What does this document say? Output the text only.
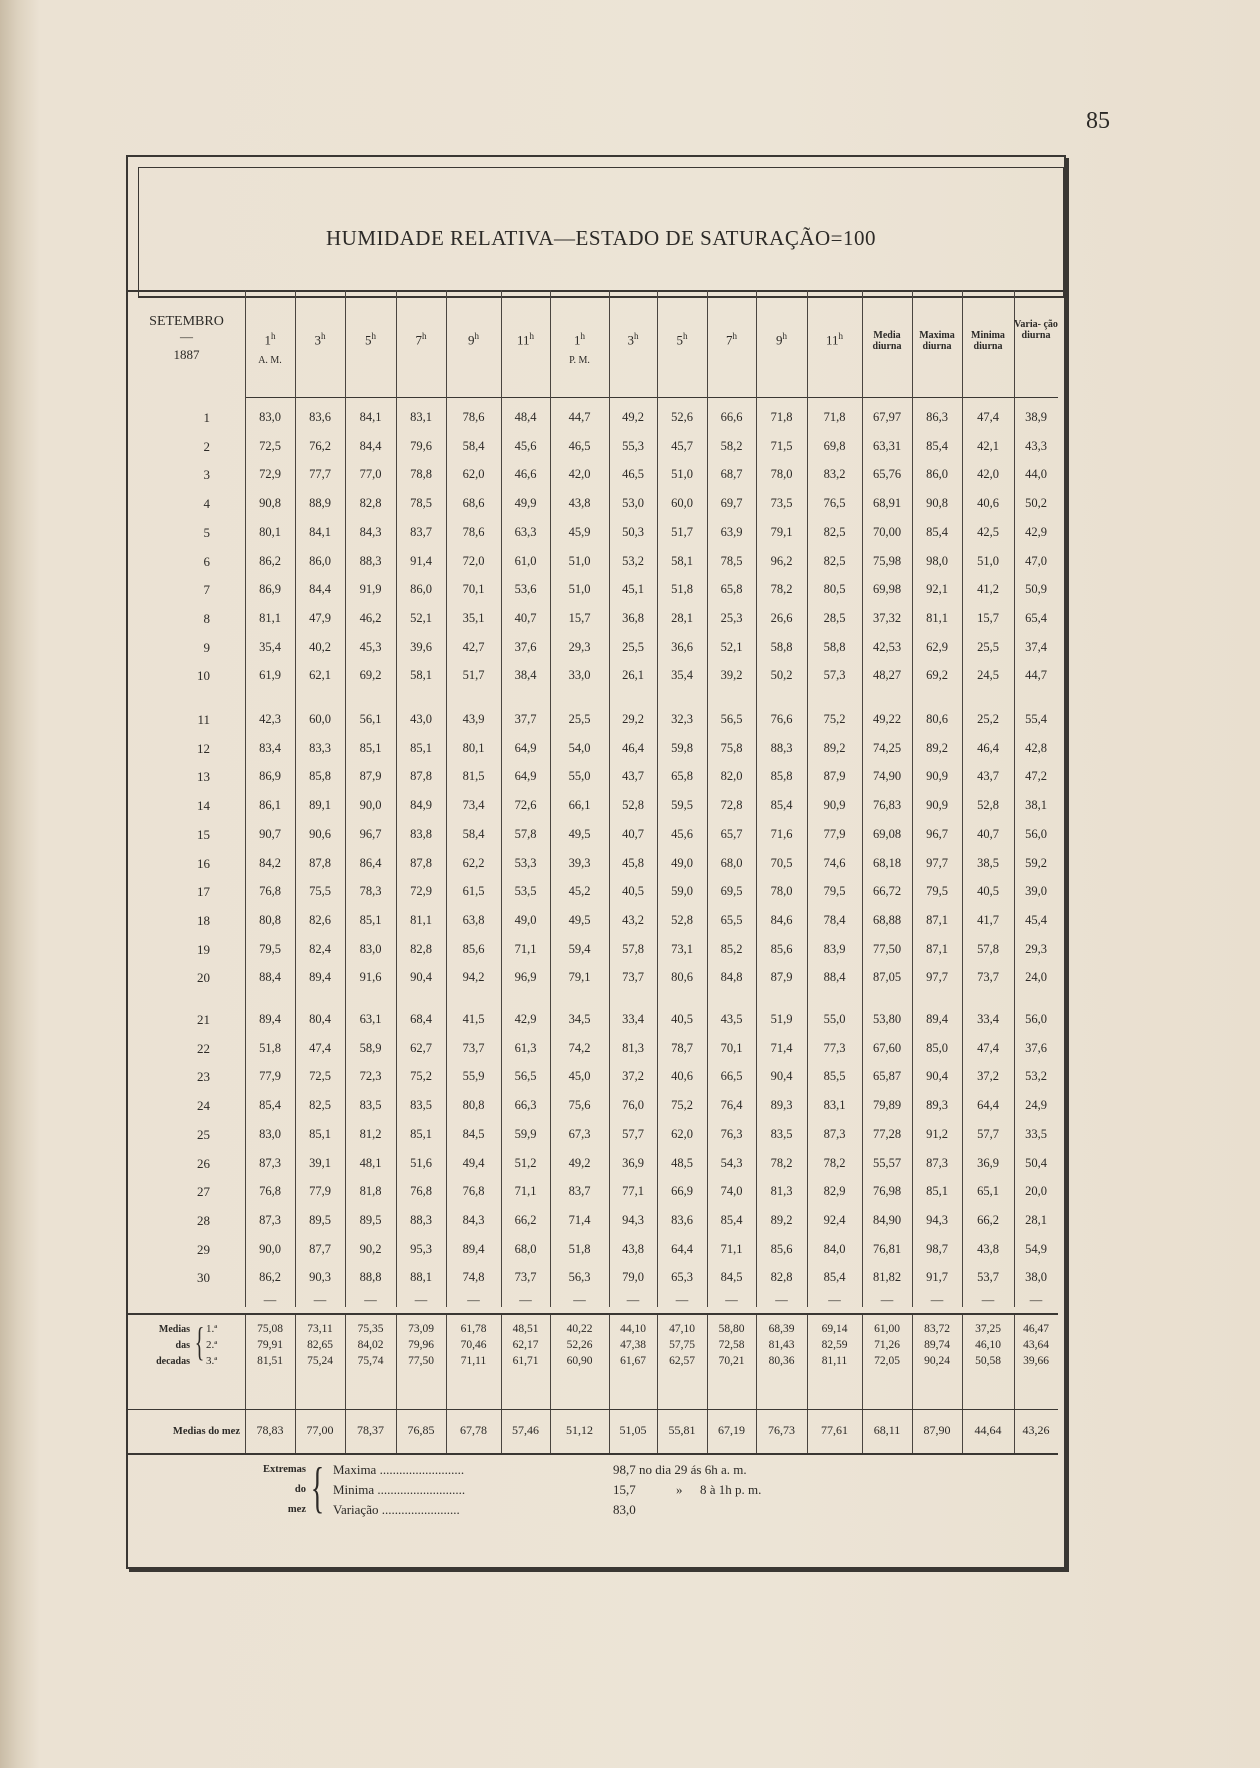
85
HUMIDADE RELATIVA—ESTADO DE SATURAÇÃO=100
SETEMBRO
—
1887
1$^h$	3$^h$	5$^h$	7$^h$	9$^h$	11$^h$	1$^h$	3$^h$	5$^h$	7$^h$	9$^h$	11$^h$
A. M.	P. M.
Media diurna
Maxima diurna
Minima diurna
Varia- ção diurna
1	83,0	83,6	84,1	83,1	78,6	48,4	44,7	49,2	52,6	66,6	71,8	71,8	67,97	86,3	47,4	38,9
2	72,5	76,2	84,4	79,6	58,4	45,6	46,5	55,3	45,7	58,2	71,5	69,8	63,31	85,4	42,1	43,3
3	72,9	77,7	77,0	78,8	62,0	46,6	42,0	46,5	51,0	68,7	78,0	83,2	65,76	86,0	42,0	44,0
4	90,8	88,9	82,8	78,5	68,6	49,9	43,8	53,0	60,0	69,7	73,5	76,5	68,91	90,8	40,6	50,2
5	80,1	84,1	84,3	83,7	78,6	63,3	45,9	50,3	51,7	63,9	79,1	82,5	70,00	85,4	42,5	42,9
6	86,2	86,0	88,3	91,4	72,0	61,0	51,0	53,2	58,1	78,5	96,2	82,5	75,98	98,0	51,0	47,0
7	86,9	84,4	91,9	86,0	70,1	53,6	51,0	45,1	51,8	65,8	78,2	80,5	69,98	92,1	41,2	50,9
8	81,1	47,9	46,2	52,1	35,1	40,7	15,7	36,8	28,1	25,3	26,6	28,5	37,32	81,1	15,7	65,4
9	35,4	40,2	45,3	39,6	42,7	37,6	29,3	25,5	36,6	52,1	58,8	58,8	42,53	62,9	25,5	37,4
10	61,9	62,1	69,2	58,1	51,7	38,4	33,0	26,1	35,4	39,2	50,2	57,3	48,27	69,2	24,5	44,7
11	42,3	60,0	56,1	43,0	43,9	37,7	25,5	29,2	32,3	56,5	76,6	75,2	49,22	80,6	25,2	55,4
12	83,4	83,3	85,1	85,1	80,1	64,9	54,0	46,4	59,8	75,8	88,3	89,2	74,25	89,2	46,4	42,8
13	86,9	85,8	87,9	87,8	81,5	64,9	55,0	43,7	65,8	82,0	85,8	87,9	74,90	90,9	43,7	47,2
14	86,1	89,1	90,0	84,9	73,4	72,6	66,1	52,8	59,5	72,8	85,4	90,9	76,83	90,9	52,8	38,1
15	90,7	90,6	96,7	83,8	58,4	57,8	49,5	40,7	45,6	65,7	71,6	77,9	69,08	96,7	40,7	56,0
16	84,2	87,8	86,4	87,8	62,2	53,3	39,3	45,8	49,0	68,0	70,5	74,6	68,18	97,7	38,5	59,2
17	76,8	75,5	78,3	72,9	61,5	53,5	45,2	40,5	59,0	69,5	78,0	79,5	66,72	79,5	40,5	39,0
18	80,8	82,6	85,1	81,1	63,8	49,0	49,5	43,2	52,8	65,5	84,6	78,4	68,88	87,1	41,7	45,4
19	79,5	82,4	83,0	82,8	85,6	71,1	59,4	57,8	73,1	85,2	85,6	83,9	77,50	87,1	57,8	29,3
20	88,4	89,4	91,6	90,4	94,2	96,9	79,1	73,7	80,6	84,8	87,9	88,4	87,05	97,7	73,7	24,0
21	89,4	80,4	63,1	68,4	41,5	42,9	34,5	33,4	40,5	43,5	51,9	55,0	53,80	89,4	33,4	56,0
22	51,8	47,4	58,9	62,7	73,7	61,3	74,2	81,3	78,7	70,1	71,4	77,3	67,60	85,0	47,4	37,6
23	77,9	72,5	72,3	75,2	55,9	56,5	45,0	37,2	40,6	66,5	90,4	85,5	65,87	90,4	37,2	53,2
24	85,4	82,5	83,5	83,5	80,8	66,3	75,6	76,0	75,2	76,4	89,3	83,1	79,89	89,3	64,4	24,9
25	83,0	85,1	81,2	85,1	84,5	59,9	67,3	57,7	62,0	76,3	83,5	87,3	77,28	91,2	57,7	33,5
26	87,3	39,1	48,1	51,6	49,4	51,2	49,2	36,9	48,5	54,3	78,2	78,2	55,57	87,3	36,9	50,4
27	76,8	77,9	81,8	76,8	76,8	71,1	83,7	77,1	66,9	74,0	81,3	82,9	76,98	85,1	65,1	20,0
28	87,3	89,5	89,5	88,3	84,3	66,2	71,4	94,3	83,6	85,4	89,2	92,4	84,90	94,3	66,2	28,1
29	90,0	87,7	90,2	95,3	89,4	68,0	51,8	43,8	64,4	71,1	85,6	84,0	76,81	98,7	43,8	54,9
30	86,2	90,3	88,8	88,1	74,8	73,7	56,3	79,0	65,3	84,5	82,8	85,4	81,82	91,7	53,7	38,0
—	—	—	—	—	—	—	—	—	—	—	—	—	—	—	—
Medias
das
decadas { 1.ª
2.ª
3.ª
75,08	73,11	75,35	73,09	61,78	48,51	40,22	44,10	47,10	58,80	68,39	69,14	61,00	83,72	37,25	46,47
79,91	82,65	84,02	79,96	70,46	62,17	52,26	47,38	57,75	72,58	81,43	82,59	71,26	89,74	46,10	43,64
81,51	75,24	75,74	77,50	71,11	61,71	60,90	61,67	62,57	70,21	80,36	81,11	72,05	90,24	50,58	39,66
Medias do mez	78,83	77,00	78,37	76,85	67,78	57,46	51,12	51,05	55,81	67,19	76,73	77,61	68,11	87,90	44,64	43,26
Extremas
do
mez { Maxima ..........................	98,7 no dia 29 ás 6h a. m.
Minima ...........................	15,7	» 8 à 1h p. m.
Variação ........................	83,0
